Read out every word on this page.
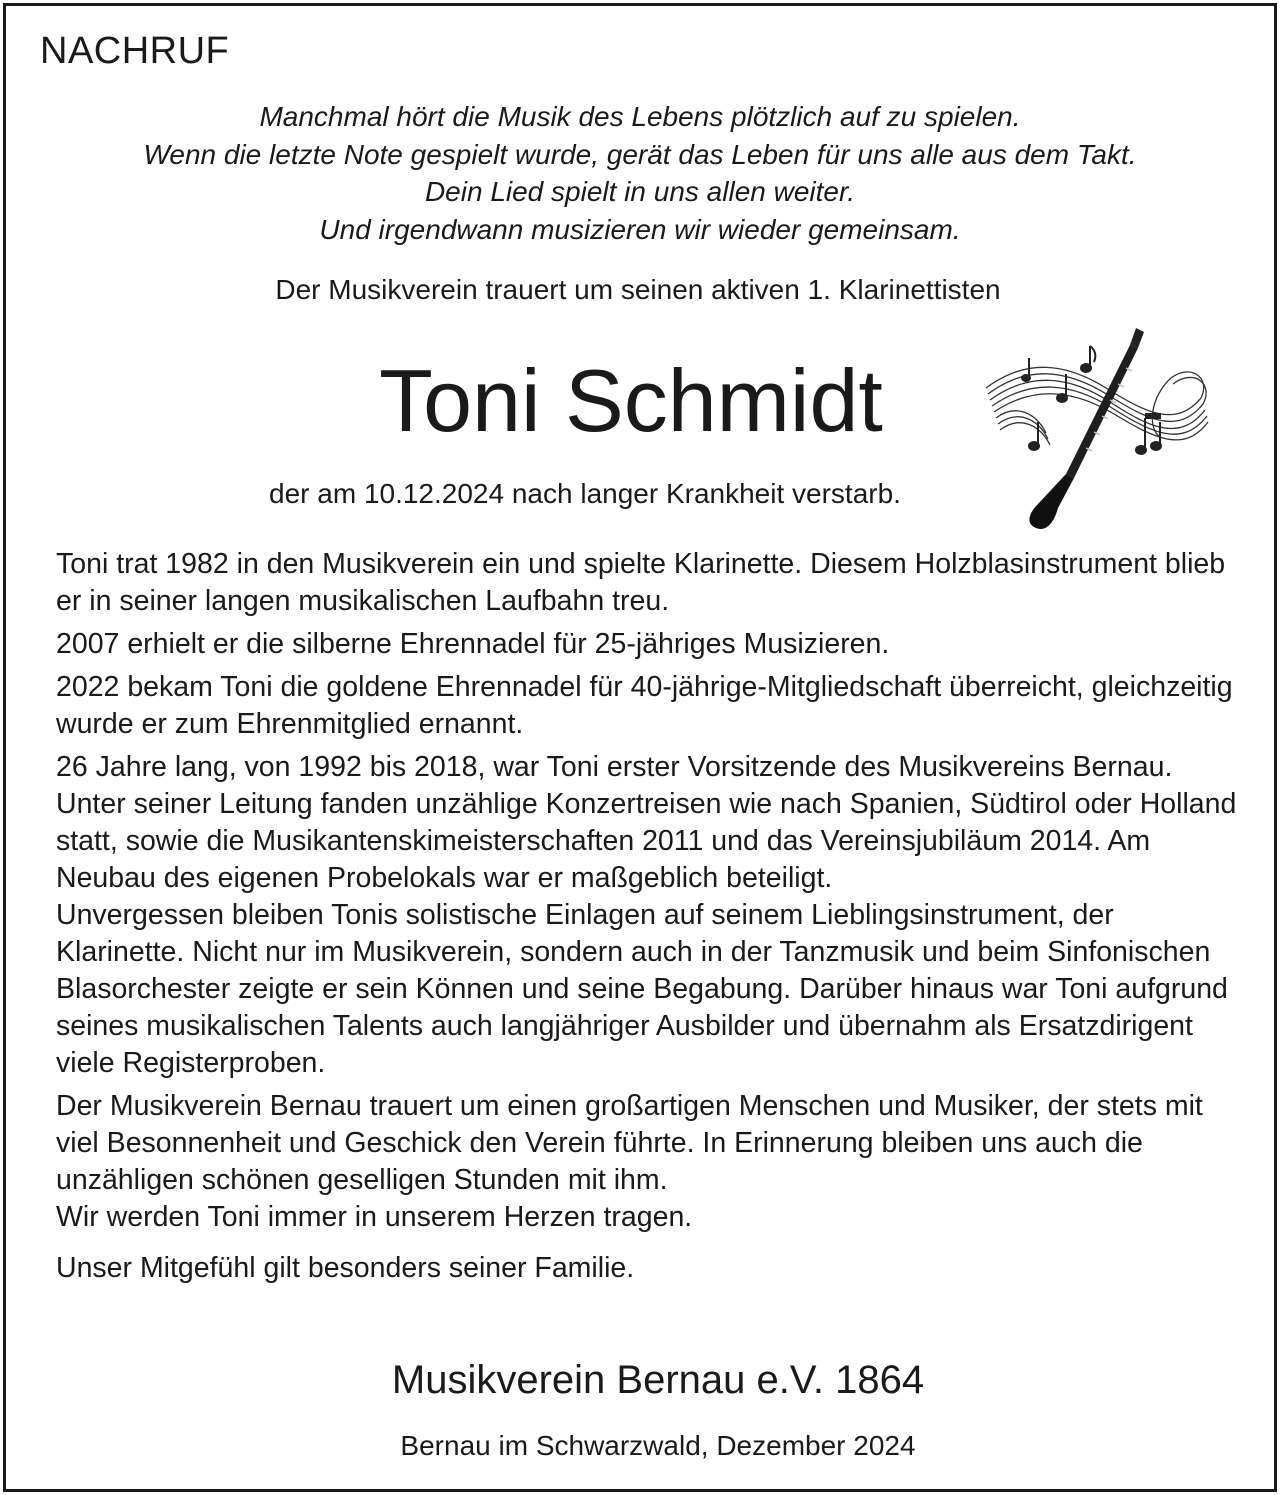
NACHRUF
Manchmal hört die Musik des Lebens plötzlich auf zu spielen.
Wenn die letzte Note gespielt wurde, gerät das Leben für uns alle aus dem Takt.
Dein Lied spielt in uns allen weiter.
Und irgendwann musizieren wir wieder gemeinsam.
Der Musikverein trauert um seinen aktiven 1. Klarinettisten
Toni Schmidt
der am 10.12.2024 nach langer Krankheit verstarb.

Toni trat 1982 in den Musikverein ein und spielte Klarinette. Diesem Holzblasinstrument blieb er in seiner langen musikalischen Laufbahn treu.

2007 erhielt er die silberne Ehrennadel für 25-jähriges Musizieren.

2022 bekam Toni die goldene Ehrennadel für 40-jährige-Mitgliedschaft überreicht, gleichzeitig wurde er zum Ehrenmitglied ernannt.

26 Jahre lang, von 1992 bis 2018, war Toni erster Vorsitzende des Musikvereins Bernau. Unter seiner Leitung fanden unzählige Konzertreisen wie nach Spanien, Südtirol oder Holland statt, sowie die Musikantenskimeisterschaften 2011 und das Vereinsjubiläum 2014. Am Neubau des eigenen Probelokals war er maßgeblich beteiligt.

Unvergessen bleiben Tonis solistische Einlagen auf seinem Lieblingsinstrument, der Klarinette. Nicht nur im Musikverein, sondern auch in der Tanzmusik und beim Sinfonischen Blasorchester zeigte er sein Können und seine Begabung. Darüber hinaus war Toni aufgrund seines musikalischen Talents auch langjähriger Ausbilder und übernahm als Ersatzdirigent viele Registerproben.

Der Musikverein Bernau trauert um einen großartigen Menschen und Musiker, der stets mit viel Besonnenheit und Geschick den Verein führte. In Erinnerung bleiben uns auch die unzähligen schönen geselligen Stunden mit ihm.

Wir werden Toni immer in unserem Herzen tragen.

Unser Mitgefühl gilt besonders seiner Familie.

Musikverein Bernau e.V. 1864
Bernau im Schwarzwald, Dezember 2024
